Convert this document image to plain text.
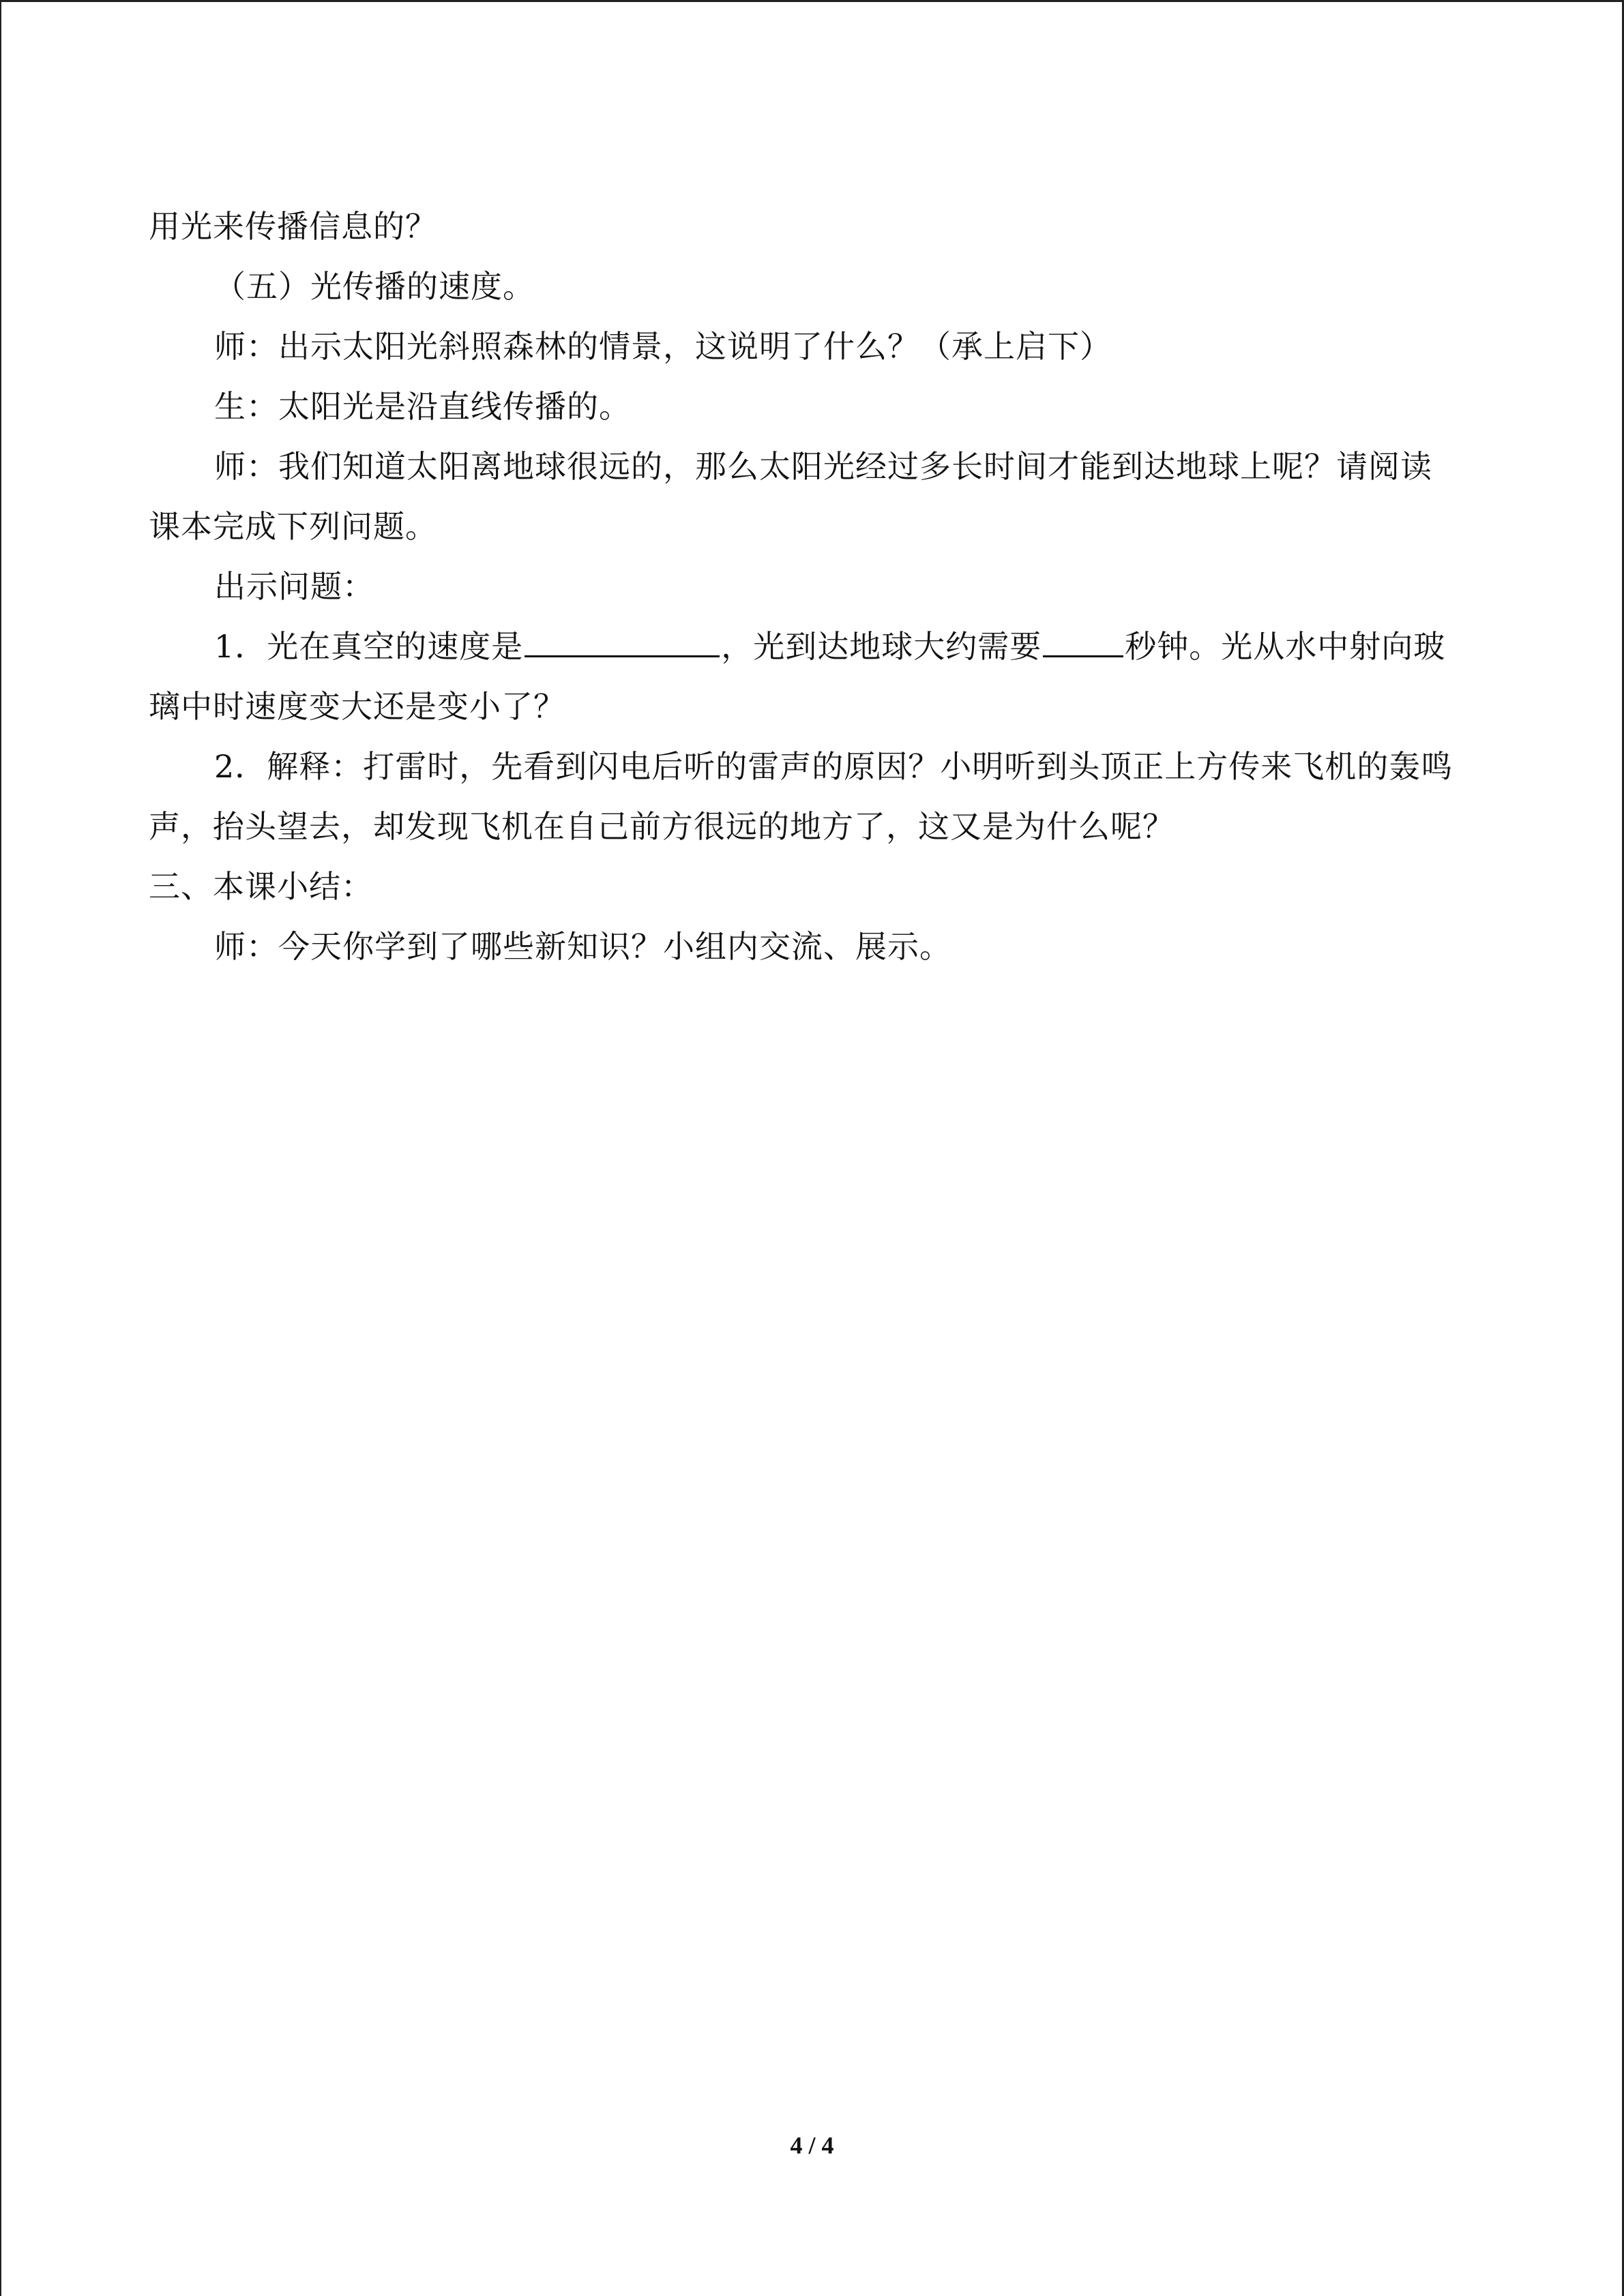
用光来传播信息的？
（五）光传播的速度。
师：出示太阳光斜照森林的情景，这说明了什么？（承上启下）
生：太阳光是沿直线传播的。
师：我们知道太阳离地球很远的，那么太阳光经过多长时间才能到达地球上呢？请阅读
课本完成下列问题。
出示问题：
1．光在真空的速度是	，光到达地球大约需要	秒钟。光从水中射向玻
璃中时速度变大还是变小了？
2．解释：打雷时，先看到闪电后听的雷声的原因？小明听到头顶正上方传来飞机的轰鸣
声，抬头望去，却发现飞机在自己前方很远的地方了，这又是为什么呢？
三、本课小结：
师：今天你学到了哪些新知识？小组内交流、展示。
4 / 4
